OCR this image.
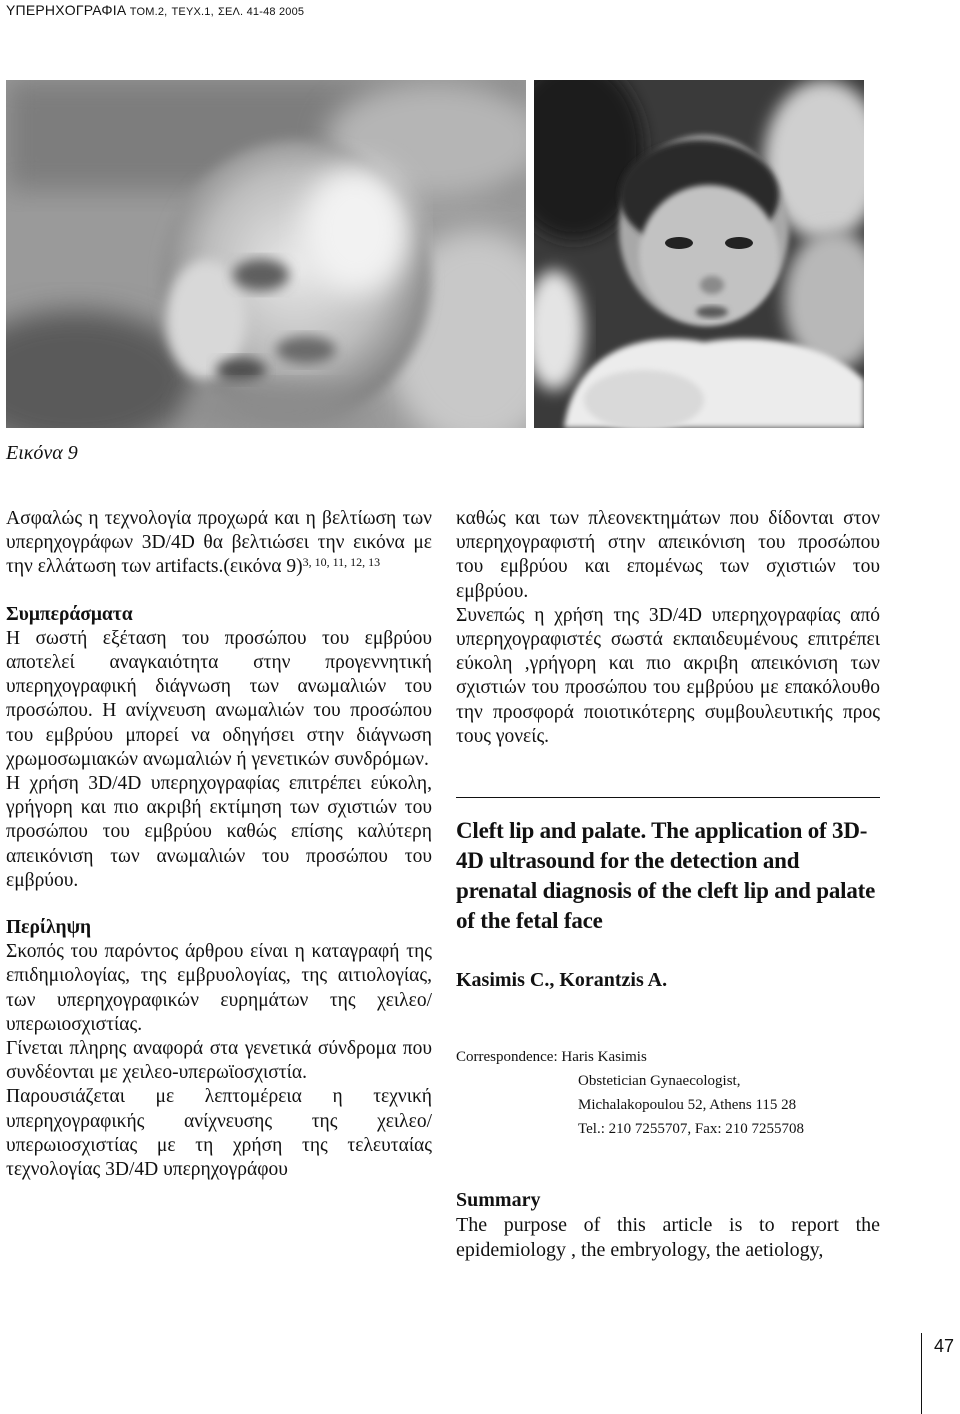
ΥΠΕΡΗΧΟΓΡΑΦΙΑ ΤΟΜ.2, ΤΕΥΧ.1, ΣΕΛ. 41-48 2005
Εικόνα 9

Ασφαλώς η τεχνολογία προχωρά και η βελτίωση των υπερηχογράφων 3D/4D θα βελτιώσει την εικόνα με την ελλάτωση των artifacts.(εικόνα 9)$^{3, 10, 11, 12, 13}$

Συμπεράσματα

Η σωστή εξέταση του προσώπου του εμβρύου αποτελεί αναγκαιότητα στην προγεννητική υπερηχογραφική διάγνωση των ανωμαλιών του προσώπου. Η ανίχνευση ανωμαλιών του προσώπου του εμβρύου μπορεί να οδηγήσει στην διάγνωση χρωμοσωμιακών ανωμαλιών ή γενετικών συνδρόμων.

Η χρήση 3D/4D υπερηχογραφίας επιτρέπει εύκολη, γρήγορη και πιο ακριβή εκτίμηση των σχιστιών του προσώπου του εμβρύου καθώς επίσης καλύτερη απεικόνιση των ανωμαλιών του προσώπου του εμβρύου.

Περίληψη

Σκοπός του παρόντος άρθρου είναι η καταγραφή της επιδημιολογίας, της εμβρυολογίας, της αιτιολογίας, των υπερηχογραφικών ευρημάτων της χειλεο/υπερωιοσχιστίας.

Γίνεται πληρης αναφορά στα γενετικά σύνδρομα που συνδέονται με χειλεο-υπερωϊοσχιστία.

Παρουσιάζεται με λεπτομέρεια η τεχνική υπερηχογραφικής ανίχνευσης της χειλεο/υπερωιοσχιστίας με τη χρήση της τελευταίας τεχνολογίας 3D/4D υπερηχογράφου

καθώς και των πλεονεκτημάτων που δίδονται στον υπερηχογραφιστή στην απεικόνιση του προσώπου του εμβρύου και επομένως των σχιστιών του εμβρύου.

Συνεπώς η χρήση της 3D/4D υπερηχογραφίας από υπερηχογραφιστές σωστά εκπαιδευμένους επιτρέπει εύκολη ,γρήγορη και πιο ακριβη απεικόνιση των σχιστιών του προσώπου του εμβρύου με επακόλουθο την προσφορά ποιοτικότερης συμβουλευτικής προς τους γονείς.

Cleft lip and palate. The application of 3D-4D ultrasound for the detection and prenatal diagnosis of the cleft lip and palate of the fetal face
Kasimis C., Korantzis A.
Correspondence: Haris Kasimis
Obstetician Gynaecologist,
Michalakopoulou 52, Athens 115 28
Tel.: 210 7255707, Fax: 210 7255708
Summary

The purpose of this article is to report the epidemiology , the embryology, the aetiology,

47
